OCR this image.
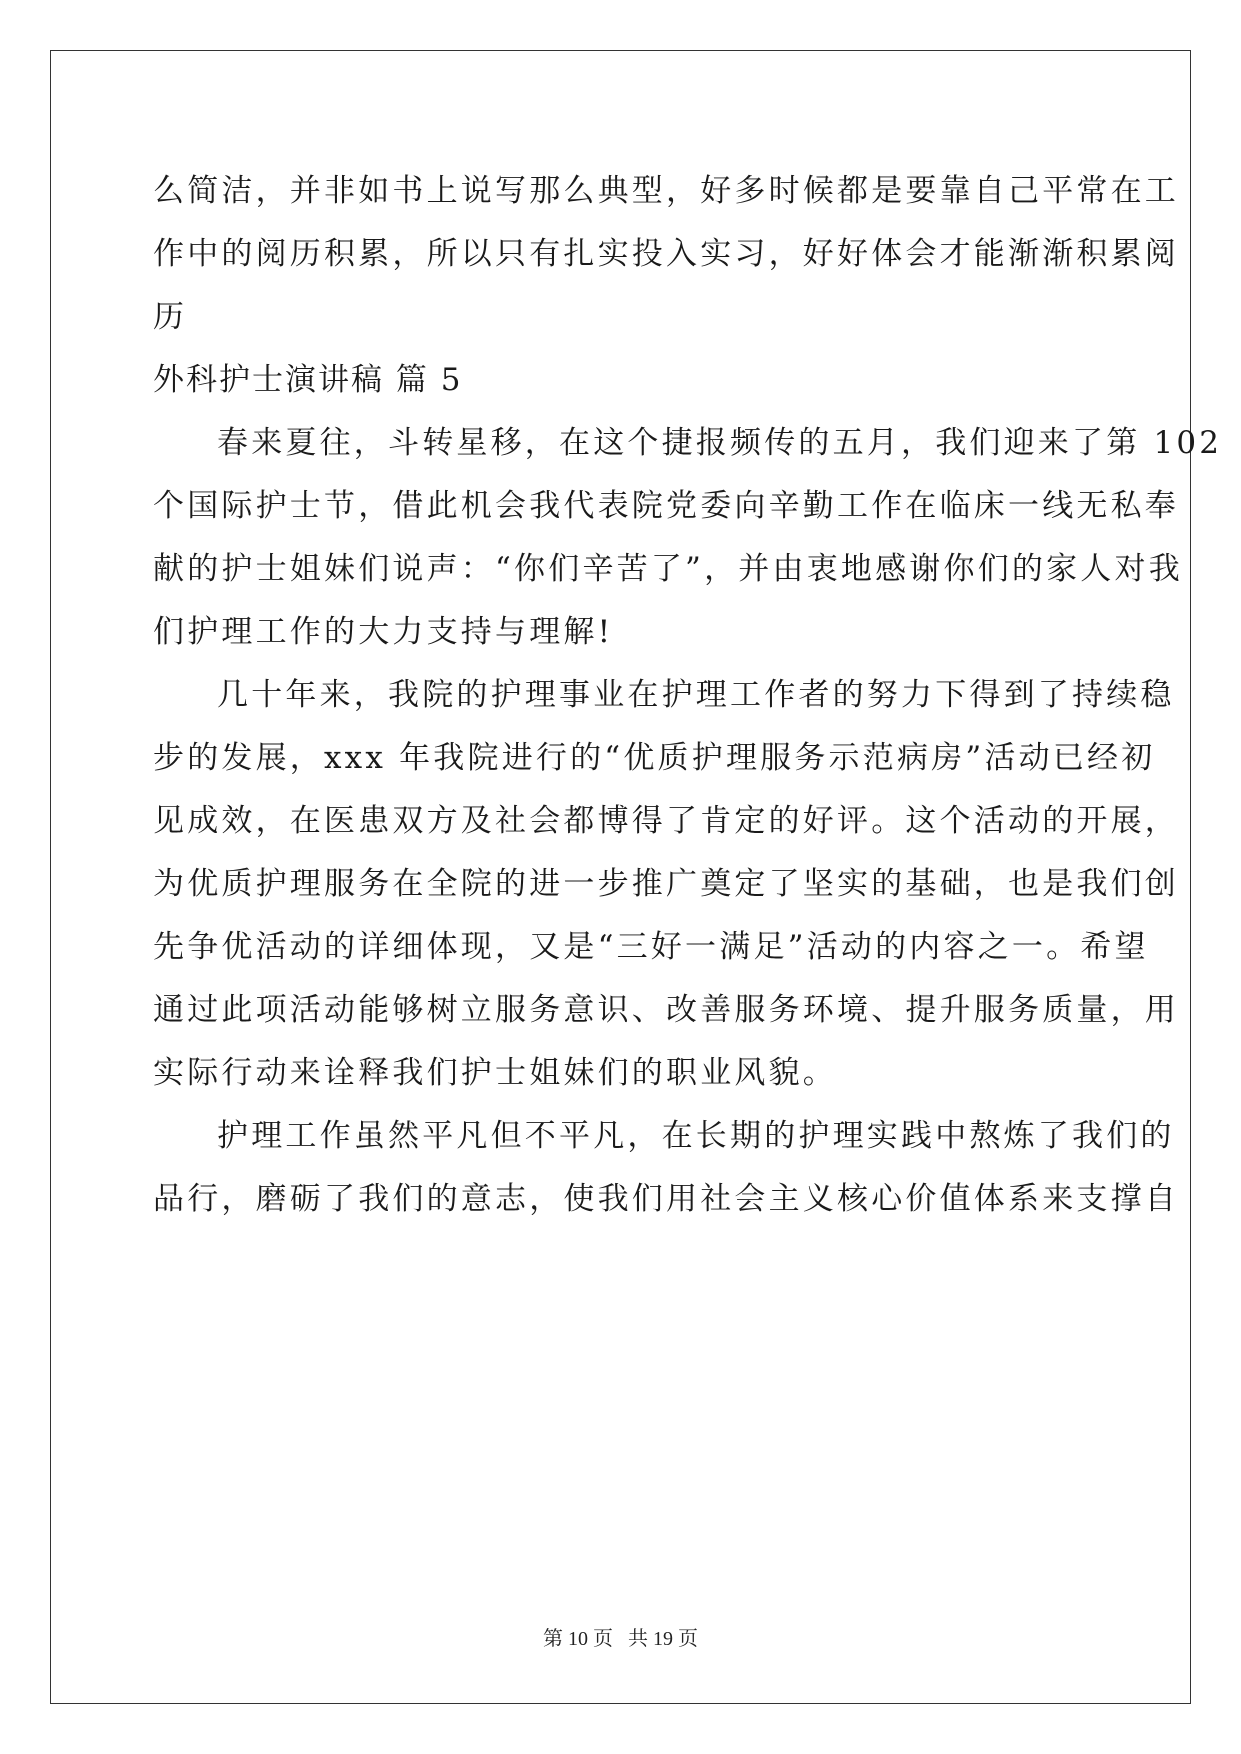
么简洁，并非如书上说写那么典型，好多时候都是要靠自己平常在工
作中的阅历积累，所以只有扎实投入实习，好好体会才能渐渐积累阅
历
外科护士演讲稿 篇 5
春来夏往，斗转星移，在这个捷报频传的五月，我们迎来了第 102
个国际护士节，借此机会我代表院党委向辛勤工作在临床一线无私奉
献的护士姐妹们说声：“你们辛苦了”，并由衷地感谢你们的家人对我
们护理工作的大力支持与理解!
几十年来，我院的护理事业在护理工作者的努力下得到了持续稳
步的发展，xxx 年我院进行的“优质护理服务示范病房”活动已经初
见成效，在医患双方及社会都博得了肯定的好评。这个活动的开展，
为优质护理服务在全院的进一步推广奠定了坚实的基础，也是我们创
先争优活动的详细体现，又是“三好一满足”活动的内容之一。希望
通过此项活动能够树立服务意识、改善服务环境、提升服务质量，用
实际行动来诠释我们护士姐妹们的职业风貌。
护理工作虽然平凡但不平凡，在长期的护理实践中熬炼了我们的
品行，磨砺了我们的意志，使我们用社会主义核心价值体系来支撑自
第 10 页   共 19 页
